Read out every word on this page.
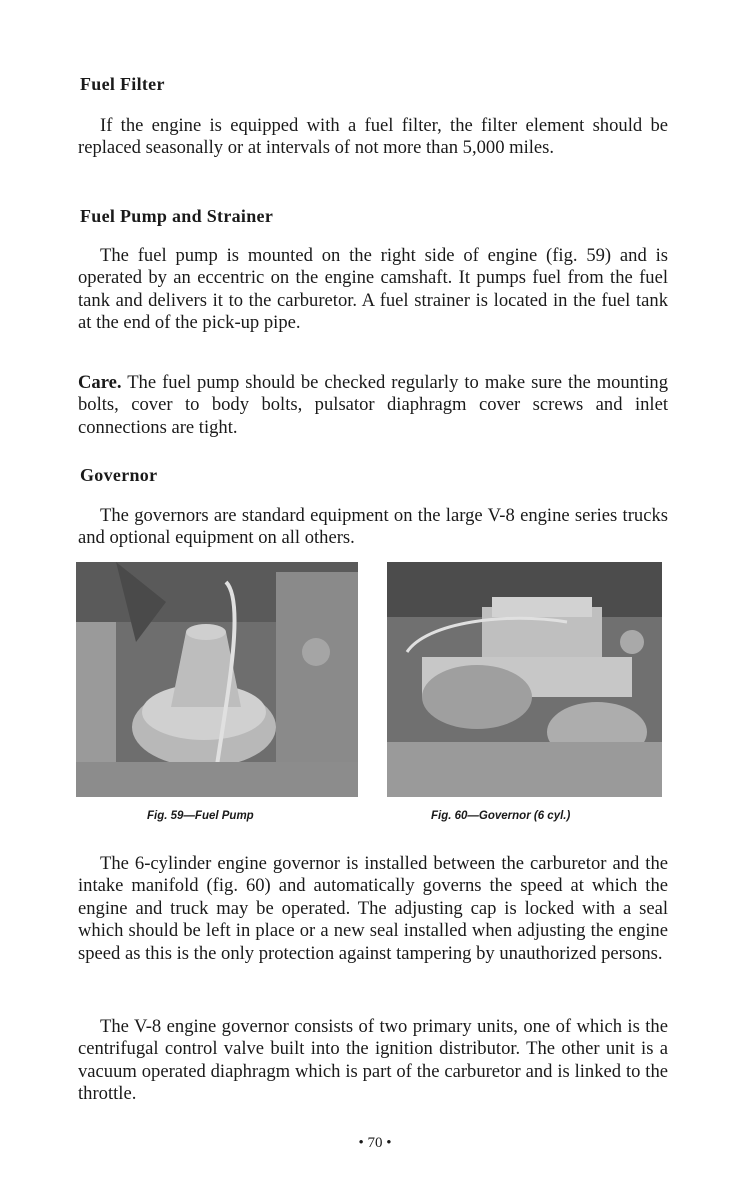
Fuel Filter
If the engine is equipped with a fuel filter, the filter element should be replaced seasonally or at intervals of not more than 5,000 miles.
Fuel Pump and Strainer
The fuel pump is mounted on the right side of engine (fig. 59) and is operated by an eccentric on the engine camshaft. It pumps fuel from the fuel tank and delivers it to the carburetor. A fuel strainer is located in the fuel tank at the end of the pick-up pipe.
Care. The fuel pump should be checked regularly to make sure the mounting bolts, cover to body bolts, pulsator diaphragm cover screws and inlet connections are tight.
Governor
The governors are standard equipment on the large V-8 engine series trucks and optional equipment on all others.
Fig. 59—Fuel Pump	Fig. 60—Governor (6 cyl.)
The 6-cylinder engine governor is installed between the carburetor and the intake manifold (fig. 60) and automatically governs the speed at which the engine and truck may be operated. The adjusting cap is locked with a seal which should be left in place or a new seal installed when adjusting the engine speed as this is the only protection against tampering by unauthorized persons.
The V-8 engine governor consists of two primary units, one of which is the centrifugal control valve built into the ignition distributor. The other unit is a vacuum operated diaphragm which is part of the carburetor and is linked to the throttle.
• 70 •
